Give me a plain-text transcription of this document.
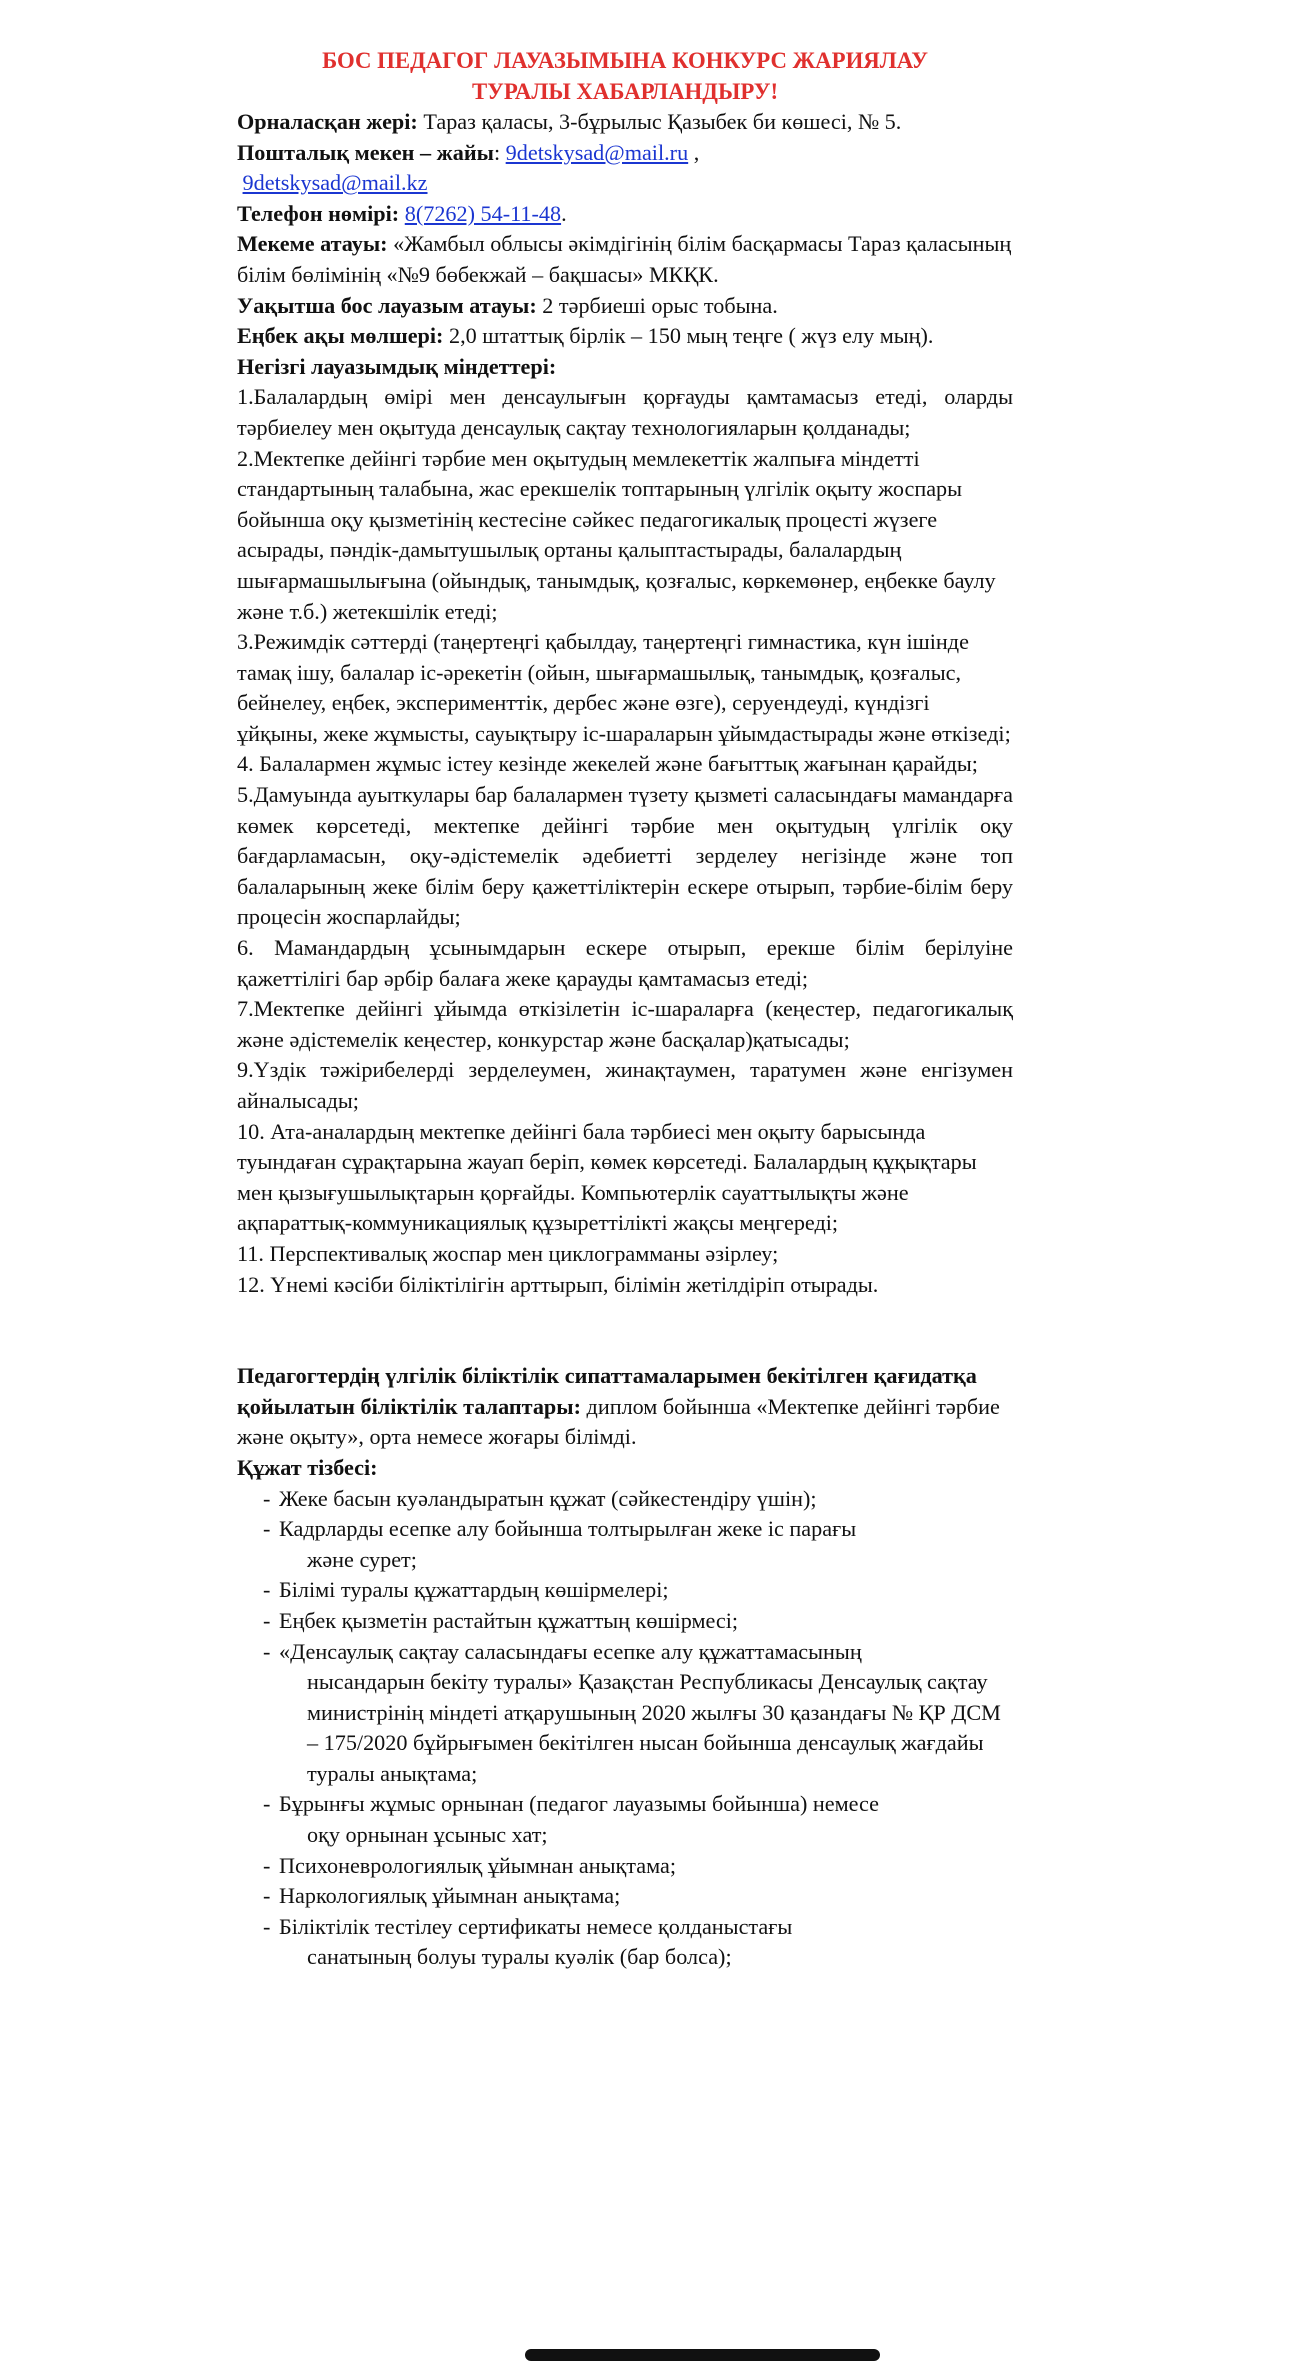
БОС ПЕДАГОГ ЛАУАЗЫМЫНА КОНКУРС ЖАРИЯЛАУ
ТУРАЛЫ ХАБАРЛАНДЫРУ!
Орналасқан жері: Тараз қаласы, 3-бұрылыс Қазыбек би көшесі, № 5.
Пошталық мекен – жайы: 9detskysad@mail.ru ,
9detskysad@mail.kz
Телефон нөмірі: 8(7262) 54-11-48.
Мекеме атауы: «Жамбыл облысы әкімдігінің білім басқармасы Тараз қаласының білім бөлімінің «№9 бөбекжай – бақшасы» МКҚК.
Уақытша бос лауазым атауы: 2 тәрбиеші орыс тобына.
Еңбек ақы мөлшері: 2,0 штаттық бірлік – 150 мың теңге ( жүз елу мың).
Негізгі лауазымдық міндеттері:
1.Балалардың өмірі мен денсаулығын қорғауды қамтамасыз етеді, оларды тәрбиелеу мен оқытуда денсаулық сақтау технологияларын қолданады;
2.Мектепке дейінгі тәрбие мен оқытудың мемлекеттік жалпыға міндетті стандартының талабына, жас ерекшелік топтарының үлгілік оқыту жоспары бойынша оқу қызметінің кестесіне сәйкес педагогикалық процесті жүзеге асырады, пәндік-дамытушылық ортаны қалыптастырады, балалардың шығармашылығына (ойындық, танымдық, қозғалыс, көркемөнер, еңбекке баулу және т.б.) жетекшілік етеді;
3.Режимдік сәттерді (таңертеңгі қабылдау, таңертеңгі гимнастика, күн ішінде тамақ ішу, балалар іс-әрекетін (ойын, шығармашылық, танымдық, қозғалыс, бейнелеу, еңбек, эксперименттік, дербес және өзге), серуендеуді, күндізгі ұйқыны, жеке жұмысты, сауықтыру іс-шараларын ұйымдастырады және өткізеді;
4. Балалармен жұмыс істеу кезінде жекелей және бағыттық жағынан қарайды;
5.Дамуында ауыткулары бар балалармен түзету қызметі саласындағы мамандарға көмек көрсетеді, мектепке дейінгі тәрбие мен оқытудың үлгілік оқу бағдарламасын, оқу-әдістемелік әдебиетті зерделеу негізінде және топ балаларының жеке білім беру қажеттіліктерін ескере отырып, тәрбие-білім беру процесін жоспарлайды;
6. Мамандардың ұсынымдарын ескере отырып, ерекше білім берілуіне қажеттілігі бар әрбір балаға жеке қарауды қамтамасыз етеді;
7.Мектепке дейінгі ұйымда өткізілетін іс-шараларға (кеңестер, педагогикалық және әдістемелік кеңестер, конкурстар және басқалар)қатысады;
9.Үздік тәжірибелерді зерделеумен, жинақтаумен, таратумен және енгізумен айналысады;
10. Ата-аналардың мектепке дейінгі бала тәрбиесі мен оқыту барысында туындаған сұрақтарына жауап беріп, көмек көрсетеді. Балалардың құқықтары мен қызығушылықтарын қорғайды. Компьютерлік сауаттылықты және ақпараттық-коммуникациялық құзыреттілікті жақсы меңгереді;
11. Перспективалық жоспар мен циклограмманы әзірлеу;
12. Үнемі кәсіби біліктілігін арттырып, білімін жетілдіріп отырады.
Педагогтердің үлгілік біліктілік сипаттамаларымен бекітілген қағидатқа қойылатын біліктілік талаптары: диплом бойынша «Мектепке дейінгі тәрбие және оқыту», орта немесе жоғары білімді.
Құжат тізбесі:
- Жеке басын куәландыратын құжат (сәйкестендіру үшін);
- Кадрларды есепке алу бойынша толтырылған жеке іс парағы
және сурет;
- Білімі туралы құжаттардың көшірмелері;
- Еңбек қызметін растайтын құжаттың көшірмесі;
- «Денсаулық сақтау саласындағы есепке алу құжаттамасының
нысандарын бекіту туралы» Қазақстан Республикасы Денсаулық сақтау министрінің міндеті атқарушының 2020 жылғы 30 қазандағы № ҚР ДСМ – 175/2020 бұйрығымен бекітілген нысан бойынша денсаулық жағдайы туралы анықтама;
- Бұрынғы жұмыс орнынан (педагог лауазымы бойынша) немесе
оқу орнынан ұсыныс хат;
- Психоневрологиялық ұйымнан анықтама;
- Наркологиялық ұйымнан анықтама;
- Біліктілік тестілеу сертификаты немесе қолданыстағы
санатының болуы туралы куәлік (бар болса);
